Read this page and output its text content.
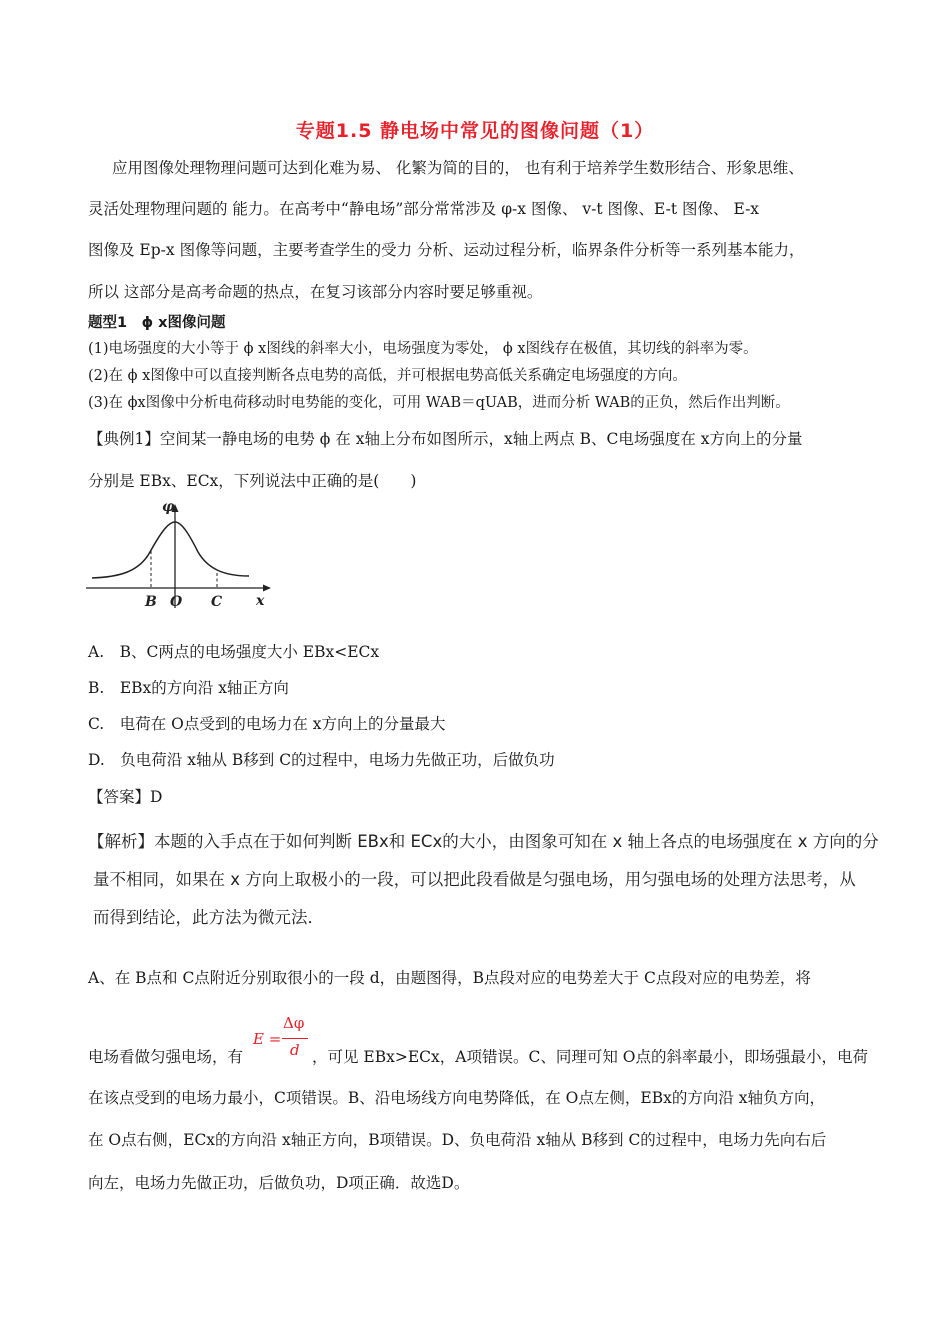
专题1.5 静电场中常见的图像问题（1）
应用图像处理物理问题可达到化难为易、 化繁为简的目的， 也有利于培养学生数形结合、形象思维、
灵活处理物理问题的 能力。在高考中“静电场”部分常常涉及 φ-x 图像、 v-t 图像、E-t 图像、 E-x
图像及 Ep-x 图像等问题，主要考查学生的受力 分析、运动过程分析，临界条件分析等一系列基本能力，
所以 这部分是高考命题的热点，在复习该部分内容时要足够重视。
题型1　ϕ x图像问题
(1)电场强度的大小等于 ϕ x图线的斜率大小，电场强度为零处， ϕ x图线存在极值，其切线的斜率为零。
(2)在 ϕ x图像中可以直接判断各点电势的高低，并可根据电势高低关系确定电场强度的方向。
(3)在 ϕx图像中分析电荷移动时电势能的变化，可用 WAB＝qUAB，进而分析 WAB的正负，然后作出判断。
【典例1】空间某一静电场的电势 ϕ 在 x轴上分布如图所示，x轴上两点 B、C电场强度在 x方向上的分量
分别是 EBx、ECx，下列说法中正确的是(　　)
φ
x
B O C
A.　B、C两点的电场强度大小 EBx<ECx
B.　EBx的方向沿 x轴正方向
C.　电荷在 O点受到的电场力在 x方向上的分量最大
D.　负电荷沿 x轴从 B移到 C的过程中，电场力先做正功，后做负功
【答案】D
【解析】本题的入手点在于如何判断 EBx和 ECx的大小，由图象可知在 x 轴上各点的电场强度在 x 方向的分
量不相同，如果在 x 方向上取极小的一段，可以把此段看做是匀强电场，用匀强电场的处理方法思考，从
而得到结论，此方法为微元法．
A、在 B点和 C点附近分别取很小的一段 d，由题图得，B点段对应的电势差大于 C点段对应的电势差，将
E =
Δφ
d
电场看做匀强电场，有	，可见 EBx>ECx，A项错误。C、同理可知 O点的斜率最小，即场强最小，电荷
在该点受到的电场力最小，C项错误。B、沿电场线方向电势降低，在 O点左侧，EBx的方向沿 x轴负方向，
在 O点右侧，ECx的方向沿 x轴正方向，B项错误。D、负电荷沿 x轴从 B移到 C的过程中，电场力先向右后
向左，电场力先做正功，后做负功，D项正确．故选D。
